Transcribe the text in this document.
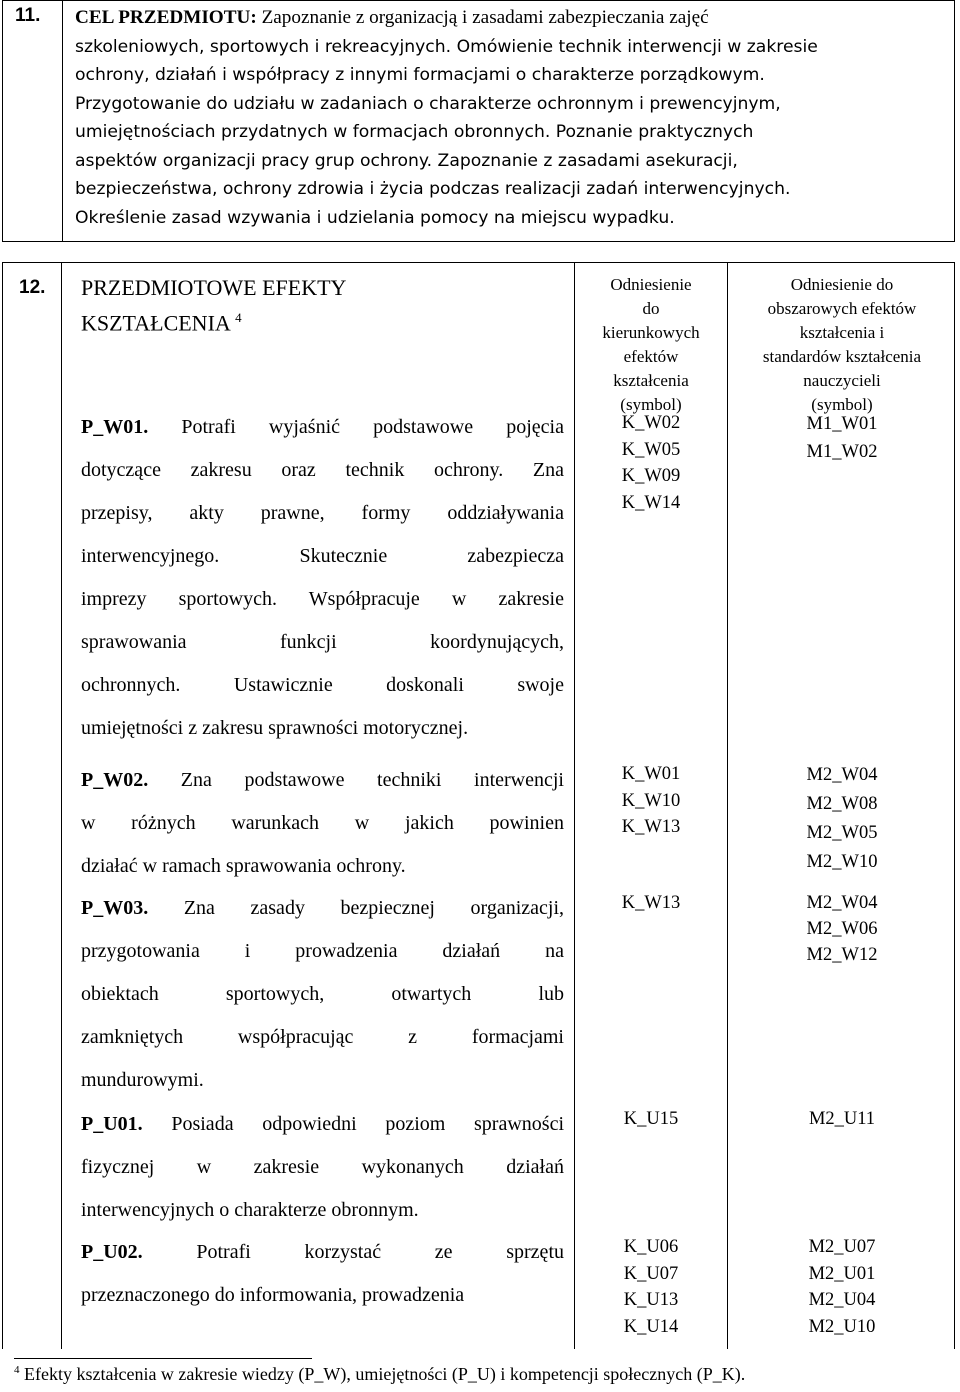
11. CEL PRZEDMIOTU: Zapoznanie z organizacją i zasadami zabezpieczania zajęć
szkoleniowych, sportowych i rekreacyjnych. Omówienie technik interwencji w zakresie
ochrony, działań i współpracy z innymi formacjami o charakterze porządkowym.
Przygotowanie do udziału w zadaniach o charakterze ochronnym i prewencyjnym,
umiejętnościach przydatnych w formacjach obronnych. Poznanie praktycznych
aspektów organizacji pracy grup ochrony. Zapoznanie z zasadami asekuracji,
bezpieczeństwa, ochrony zdrowia i życia podczas realizacji zadań interwencyjnych.
Określenie zasad wzywania i udzielania pomocy na miejscu wypadku.
12. PRZEDMIOTOWE EFEKTY
KSZTAŁCENIA $^4$
Odniesienie
do
kierunkowych
efektów
kształcenia
(symbol)
Odniesienie do
obszarowych efektów
kształcenia i
standardów kształcenia
nauczycieli
(symbol)
P_W01. Potrafi wyjaśnić podstawowe pojęcia
dotyczące zakresu oraz technik ochrony. Zna
przepisy, akty prawne, formy oddziaływania
interwencyjnego. Skutecznie zabezpiecza
imprezy sportowych. Współpracuje w zakresie
sprawowania funkcji koordynujących,
ochronnych. Ustawicznie doskonali swoje
umiejętności z zakresu sprawności motorycznej.
K_W02
K_W05
K_W09
K_W14
M1_W01
M1_W02
P_W02. Zna podstawowe techniki interwencji
w różnych warunkach w jakich powinien
działać w ramach sprawowania ochrony.
K_W01
K_W10
K_W13
M2_W04
M2_W08
M2_W05
M2_W10
P_W03. Zna zasady bezpiecznej organizacji,
przygotowania i prowadzenia działań na
obiektach sportowych, otwartych lub
zamkniętych współpracując z formacjami
mundurowymi.
K_W13	M2_W04
M2_W06
M2_W12
P_U01. Posiada odpowiedni poziom sprawności
fizycznej w zakresie wykonanych działań
interwencyjnych o charakterze obronnym.
K_U15	M2_U11
P_U02. Potrafi korzystać ze sprzętu
przeznaczonego do informowania, prowadzenia
K_U06
K_U07
K_U13
K_U14
M2_U07
M2_U01
M2_U04
M2_U10
$^4$ Efekty kształcenia w zakresie wiedzy (P_W), umiejętności (P_U) i kompetencji społecznych (P_K).
